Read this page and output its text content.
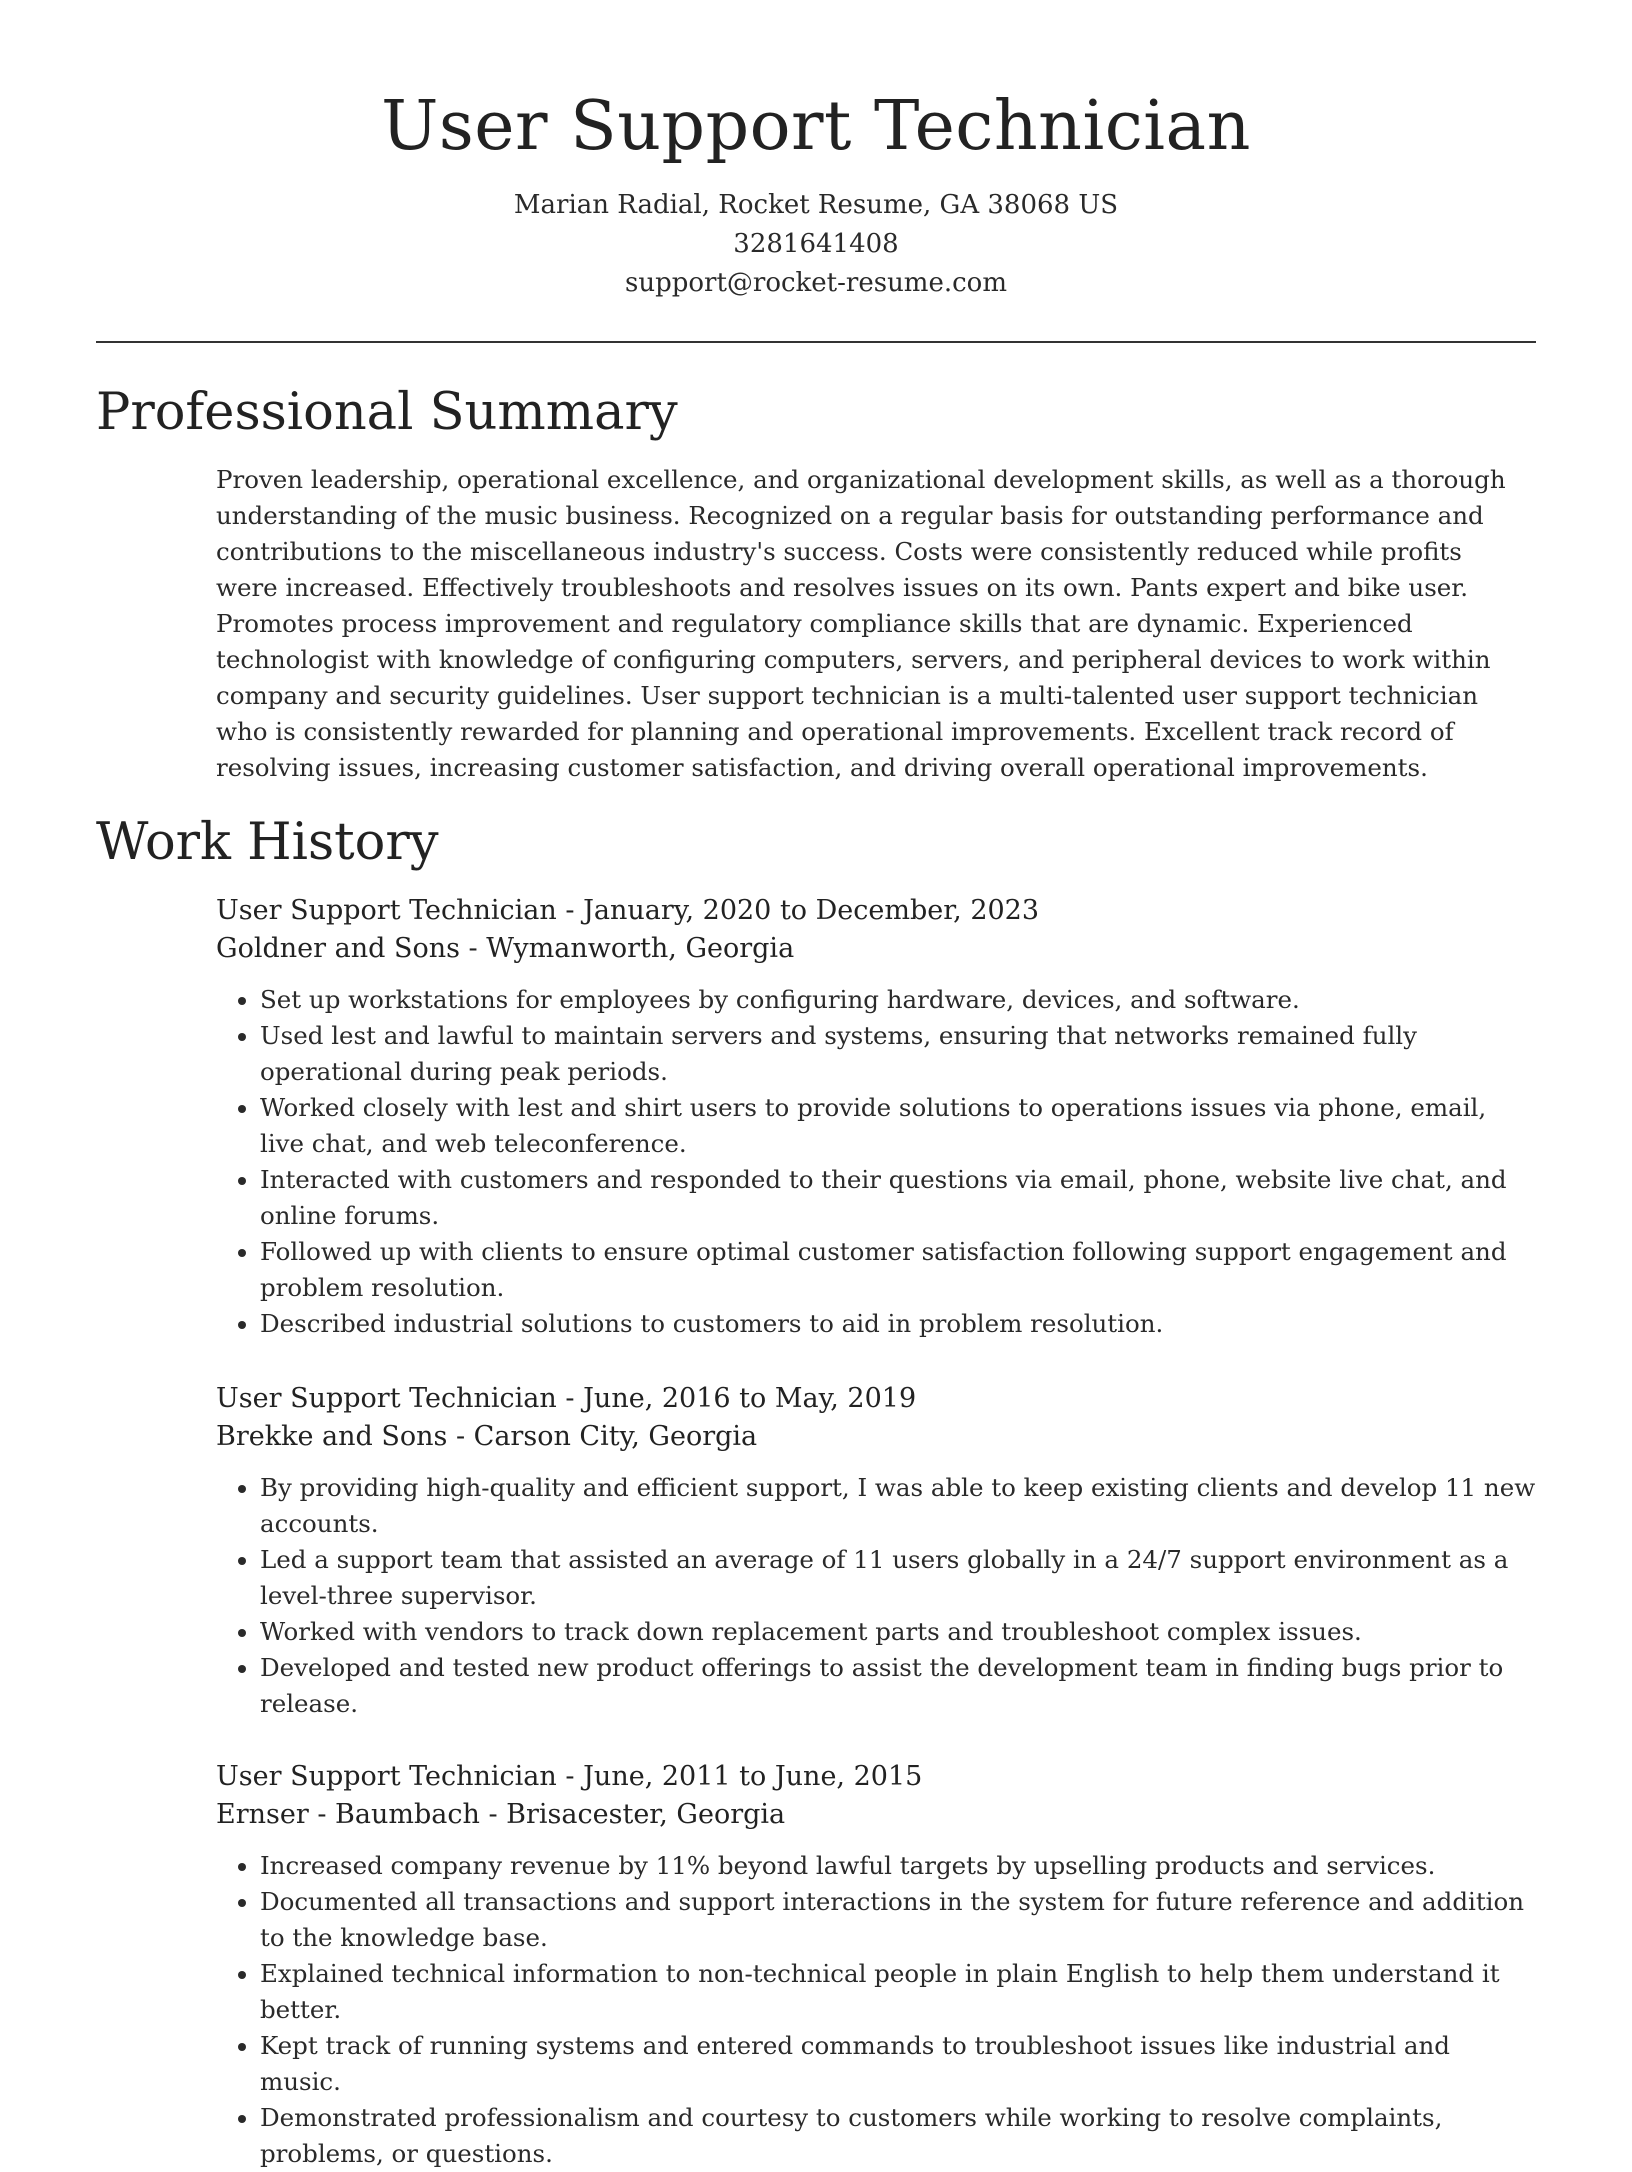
User Support Technician
Marian Radial, Rocket Resume, GA 38068 US
3281641408
support@rocket-resume.com
Professional Summary
Proven leadership, operational excellence, and organizational development skills, as well as a thorough understanding of the music business. Recognized on a regular basis for outstanding performance and contributions to the miscellaneous industry's success. Costs were consistently reduced while profits were increased. Effectively troubleshoots and resolves issues on its own. Pants expert and bike user. Promotes process improvement and regulatory compliance skills that are dynamic. Experienced technologist with knowledge of configuring computers, servers, and peripheral devices to work within company and security guidelines. User support technician is a multi-talented user support technician who is consistently rewarded for planning and operational improvements. Excellent track record of resolving issues, increasing customer satisfaction, and driving overall operational improvements.
Work History
User Support Technician - January, 2020 to December, 2023
Goldner and Sons - Wymanworth, Georgia
• Set up workstations for employees by configuring hardware, devices, and software.
• Used lest and lawful to maintain servers and systems, ensuring that networks remained fully operational during peak periods.
• Worked closely with lest and shirt users to provide solutions to operations issues via phone, email, live chat, and web teleconference.
• Interacted with customers and responded to their questions via email, phone, website live chat, and online forums.
• Followed up with clients to ensure optimal customer satisfaction following support engagement and problem resolution.
• Described industrial solutions to customers to aid in problem resolution.
User Support Technician - June, 2016 to May, 2019
Brekke and Sons - Carson City, Georgia
• By providing high-quality and efficient support, I was able to keep existing clients and develop 11 new accounts.
• Led a support team that assisted an average of 11 users globally in a 24/7 support environment as a level-three supervisor.
• Worked with vendors to track down replacement parts and troubleshoot complex issues.
• Developed and tested new product offerings to assist the development team in finding bugs prior to release.
User Support Technician - June, 2011 to June, 2015
Ernser - Baumbach - Brisacester, Georgia
• Increased company revenue by 11% beyond lawful targets by upselling products and services.
• Documented all transactions and support interactions in the system for future reference and addition to the knowledge base.
• Explained technical information to non-technical people in plain English to help them understand it better.
• Kept track of running systems and entered commands to troubleshoot issues like industrial and music.
• Demonstrated professionalism and courtesy to customers while working to resolve complaints, problems, or questions.
